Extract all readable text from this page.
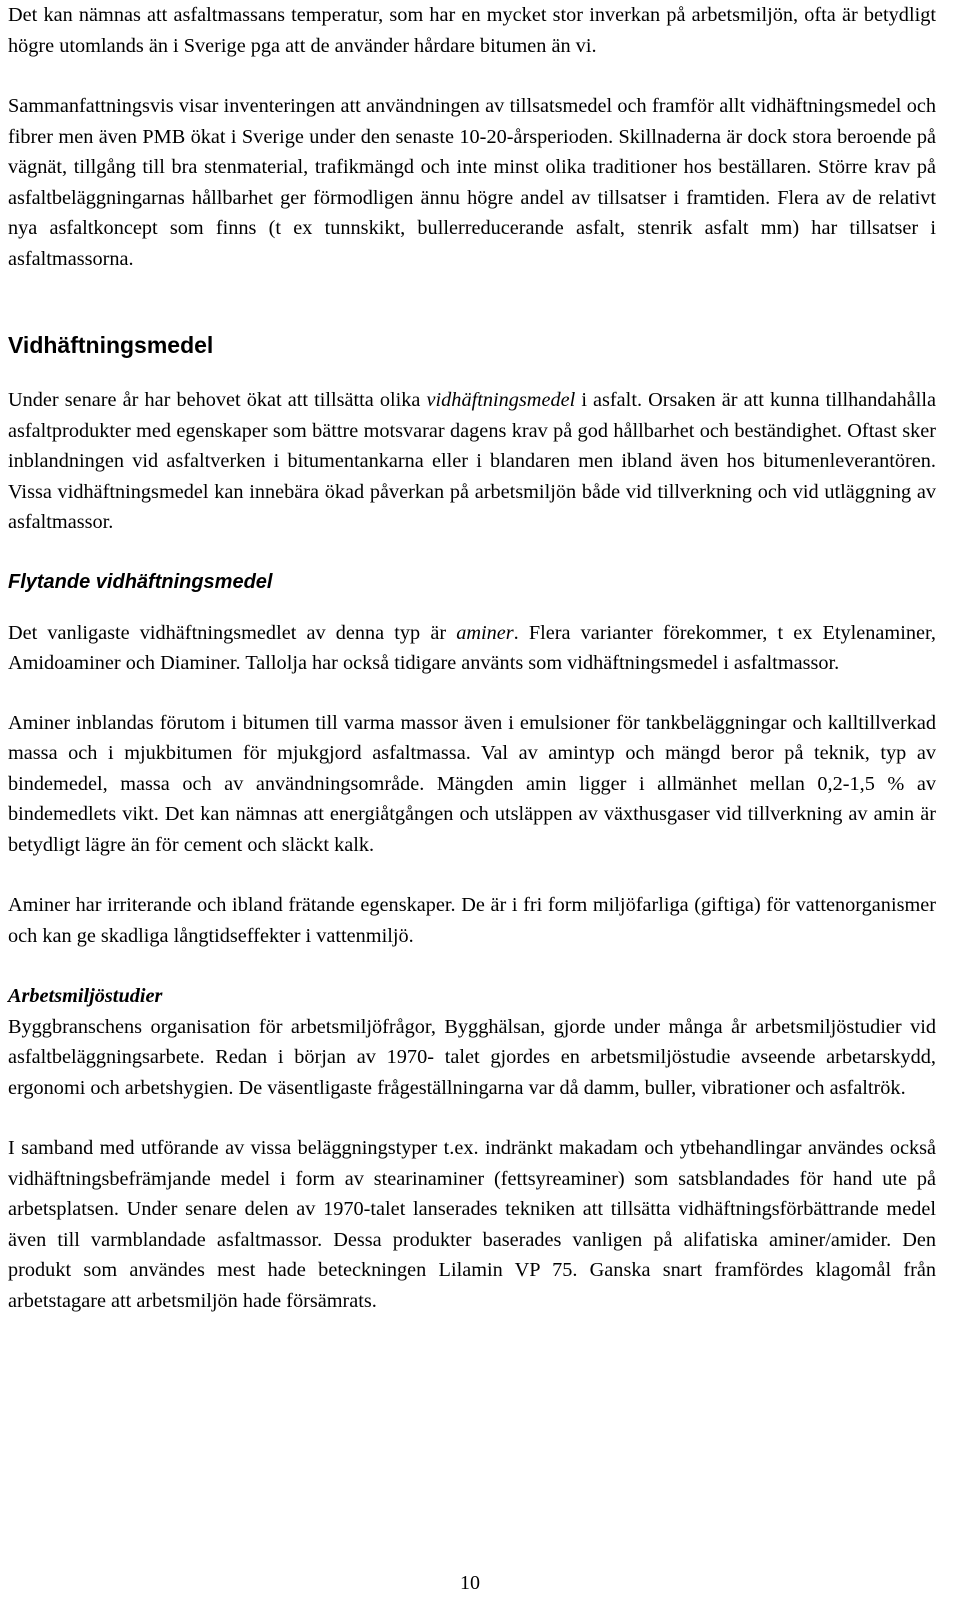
Det kan nämnas att asfaltmassans temperatur, som har en mycket stor inverkan på arbetsmiljön, ofta är betydligt högre utomlands än i Sverige pga att de använder hårdare bitumen än vi.

Sammanfattningsvis visar inventeringen att användningen av tillsatsmedel och framför allt vidhäftningsmedel och fibrer men även PMB ökat i Sverige under den senaste 10-20-årsperioden. Skillnaderna är dock stora beroende på vägnät, tillgång till bra stenmaterial, trafikmängd och inte minst olika traditioner hos beställaren. Större krav på asfaltbeläggningarnas hållbarhet ger förmodligen ännu högre andel av tillsatser i framtiden. Flera av de relativt nya asfaltkoncept som finns (t ex tunnskikt, bullerreducerande asfalt, stenrik asfalt mm) har tillsatser i asfaltmassorna.

Vidhäftningsmedel

Under senare år har behovet ökat att tillsätta olika vidhäftningsmedel i asfalt. Orsaken är att kunna tillhandahålla asfaltprodukter med egenskaper som bättre motsvarar dagens krav på god hållbarhet och beständighet. Oftast sker inblandningen vid asfaltverken i bitumentankarna eller i blandaren men ibland även hos bitumenleverantören. Vissa vidhäftningsmedel kan innebära ökad påverkan på arbetsmiljön både vid tillverkning och vid utläggning av asfaltmassor.

Flytande vidhäftningsmedel

Det vanligaste vidhäftningsmedlet av denna typ är aminer. Flera varianter förekommer, t ex Etylenaminer, Amidoaminer och Diaminer. Tallolja har också tidigare använts som vidhäftningsmedel i asfaltmassor.

Aminer inblandas förutom i bitumen till varma massor även i emulsioner för tankbeläggningar och kalltillverkad massa och i mjukbitumen för mjukgjord asfaltmassa. Val av amintyp och mängd beror på teknik, typ av bindemedel, massa och av användningsområde. Mängden amin ligger i allmänhet mellan 0,2-1,5 % av bindemedlets vikt. Det kan nämnas att energiåtgången och utsläppen av växthusgaser vid tillverkning av amin är betydligt lägre än för cement och släckt kalk.

Aminer har irriterande och ibland frätande egenskaper. De är i fri form miljöfarliga (giftiga) för vattenorganismer och kan ge skadliga långtidseffekter i vattenmiljö.

Arbetsmiljöstudier

Byggbranschens organisation för arbetsmiljöfrågor, Bygghälsan, gjorde under många år arbetsmiljöstudier vid asfaltbeläggningsarbete. Redan i början av 1970- talet gjordes en arbetsmiljöstudie avseende arbetarskydd, ergonomi och arbetshygien. De väsentligaste frågeställningarna var då damm, buller, vibrationer och asfaltrök.

I samband med utförande av vissa beläggningstyper t.ex. indränkt makadam och ytbehandlingar användes också vidhäftningsbefrämjande medel i form av stearinaminer (fettsyreaminer) som satsblandades för hand ute på arbetsplatsen. Under senare delen av 1970-talet lanserades tekniken att tillsätta vidhäftningsförbättrande medel även till varmblandade asfaltmassor. Dessa produkter baserades vanligen på alifatiska aminer/amider. Den produkt som användes mest hade beteckningen Lilamin VP 75. Ganska snart framfördes klagomål från arbetstagare att arbetsmiljön hade försämrats.

10
